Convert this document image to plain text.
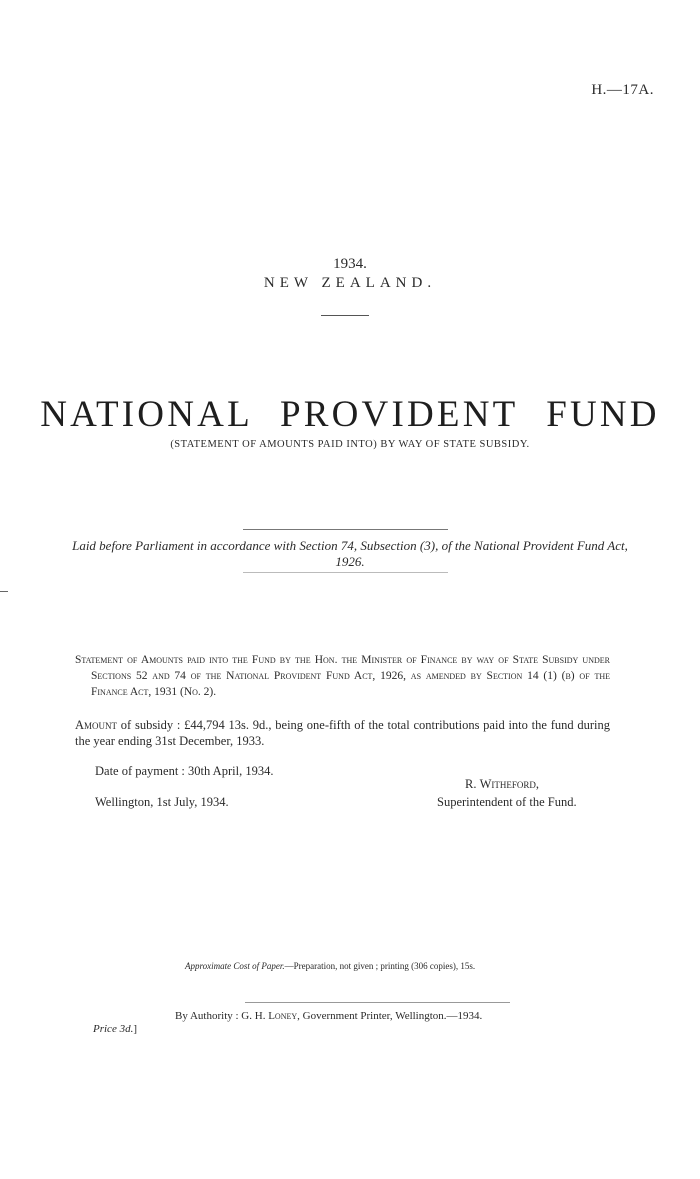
H.—17A.
1934.
NEW ZEALAND.
NATIONAL PROVIDENT FUND
(STATEMENT OF AMOUNTS PAID INTO) BY WAY OF STATE SUBSIDY.
Laid before Parliament in accordance with Section 74, Subsection (3), of the National Provident Fund Act, 1926.
Statement of Amounts paid into the Fund by the Hon. the Minister of Finance by way of State Subsidy under Sections 52 and 74 of the National Provident Fund Act, 1926, as amended by Section 14 (1) (b) of the Finance Act, 1931 (No. 2).
Amount of subsidy : £44,794 13s. 9d., being one-fifth of the total contributions paid into the fund during the year ending 31st December, 1933.
Date of payment : 30th April, 1934.
R. Witheford,
Wellington, 1st July, 1934.	Superintendent of the Fund.
Approximate Cost of Paper.—Preparation, not given ; printing (306 copies), 15s.
By Authority : G. H. Loney, Government Printer, Wellington.—1934.
Price 3d.]
